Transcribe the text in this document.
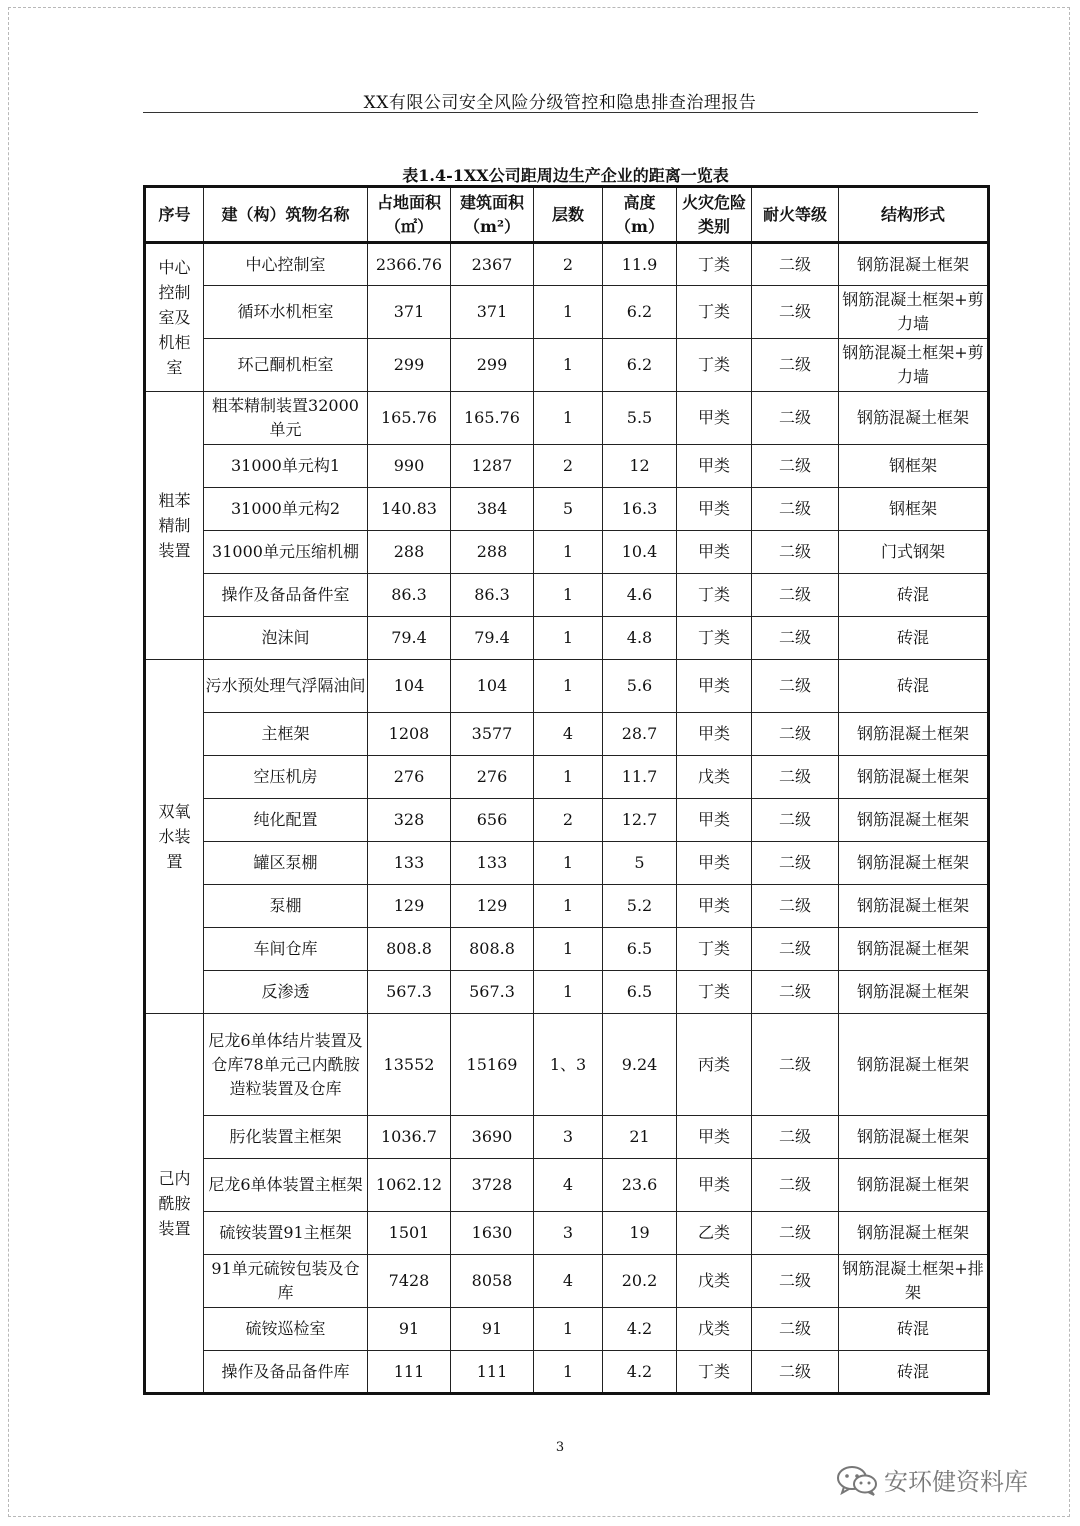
XX有限公司安全风险分级管控和隐患排查治理报告
表1.4-1XX公司距周边生产企业的距离一览表
序号	建（构）筑物名称	占地面积（㎡）	建筑面积（m²）	层数	高度（m）	火灾危险类别	耐火等级	结构形式
中心控制室及机柜室	中心控制室	2366.76	2367	2	11.9	丁类	二级	钢筋混凝土框架
	循环水机柜室	371	371	1	6.2	丁类	二级	钢筋混凝土框架+剪力墙
	环己酮机柜室	299	299	1	6.2	丁类	二级	钢筋混凝土框架+剪力墙
粗苯精制装置	粗苯精制装置32000单元	165.76	165.76	1	5.5	甲类	二级	钢筋混凝土框架
	31000单元构1	990	1287	2	12	甲类	二级	钢框架
	31000单元构2	140.83	384	5	16.3	甲类	二级	钢框架
	31000单元压缩机棚	288	288	1	10.4	甲类	二级	门式钢架
	操作及备品备件室	86.3	86.3	1	4.6	丁类	二级	砖混
	泡沫间	79.4	79.4	1	4.8	丁类	二级	砖混
双氧水装置	污水预处理气浮隔油间	104	104	1	5.6	甲类	二级	砖混
	主框架	1208	3577	4	28.7	甲类	二级	钢筋混凝土框架
	空压机房	276	276	1	11.7	戊类	二级	钢筋混凝土框架
	纯化配置	328	656	2	12.7	甲类	二级	钢筋混凝土框架
	罐区泵棚	133	133	1	5	甲类	二级	钢筋混凝土框架
	泵棚	129	129	1	5.2	甲类	二级	钢筋混凝土框架
	车间仓库	808.8	808.8	1	6.5	丁类	二级	钢筋混凝土框架
	反渗透	567.3	567.3	1	6.5	丁类	二级	钢筋混凝土框架
己内酰胺装置	尼龙6单体结片装置及仓库78单元己内酰胺造粒装置及仓库	13552	15169	1、3	9.24	丙类	二级	钢筋混凝土框架
	肟化装置主框架	1036.7	3690	3	21	甲类	二级	钢筋混凝土框架
	尼龙6单体装置主框架	1062.12	3728	4	23.6	甲类	二级	钢筋混凝土框架
	硫铵装置91主框架	1501	1630	3	19	乙类	二级	钢筋混凝土框架
	91单元硫铵包装及仓库	7428	8058	4	20.2	戊类	二级	钢筋混凝土框架+排架
	硫铵巡检室	91	91	1	4.2	戊类	二级	砖混
	操作及备品备件库	111	111	1	4.2	丁类	二级	砖混
3
安环健资料库
